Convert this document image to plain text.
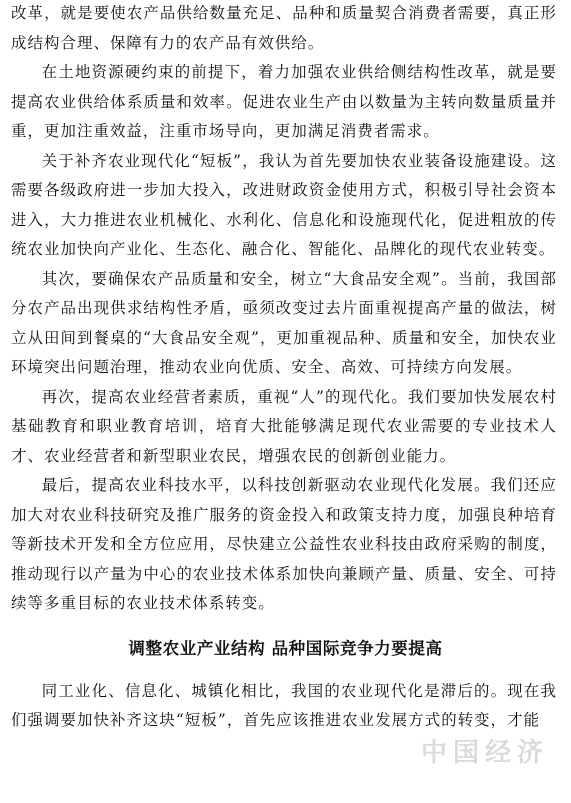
改革，就是要使农产品供给数量充足、品种和质量契合消费者需要，真正形成结构合理、保障有力的农产品有效供给。

在土地资源硬约束的前提下，着力加强农业供给侧结构性改革，就是要提高农业供给体系质量和效率。促进农业生产由以数量为主转向数量质量并重，更加注重效益，注重市场导向，更加满足消费者需求。

关于补齐农业现代化“短板”，我认为首先要加快农业装备设施建设。这需要各级政府进一步加大投入，改进财政资金使用方式，积极引导社会资本进入，大力推进农业机械化、水利化、信息化和设施现代化，促进粗放的传统农业加快向产业化、生态化、融合化、智能化、品牌化的现代农业转变。

其次，要确保农产品质量和安全，树立“大食品安全观”。当前，我国部分农产品出现供求结构性矛盾，亟须改变过去片面重视提高产量的做法，树立从田间到餐桌的“大食品安全观”，更加重视品种、质量和安全，加快农业环境突出问题治理，推动农业向优质、安全、高效、可持续方向发展。

再次，提高农业经营者素质，重视“人”的现代化。我们要加快发展农村基础教育和职业教育培训，培育大批能够满足现代农业需要的专业技术人才、农业经营者和新型职业农民，增强农民的创新创业能力。

最后，提高农业科技水平，以科技创新驱动农业现代化发展。我们还应加大对农业科技研究及推广服务的资金投入和政策支持力度，加强良种培育等新技术开发和全方位应用，尽快建立公益性农业科技由政府采购的制度，推动现行以产量为中心的农业技术体系加快向兼顾产量、质量、安全、可持续等多重目标的农业技术体系转变。

调整农业产业结构 品种国际竞争力要提高

同工业化、信息化、城镇化相比，我国的农业现代化是滞后的。现在我们强调要加快补齐这块“短板”，首先应该推进农业发展方式的转变，才能

中国经济
